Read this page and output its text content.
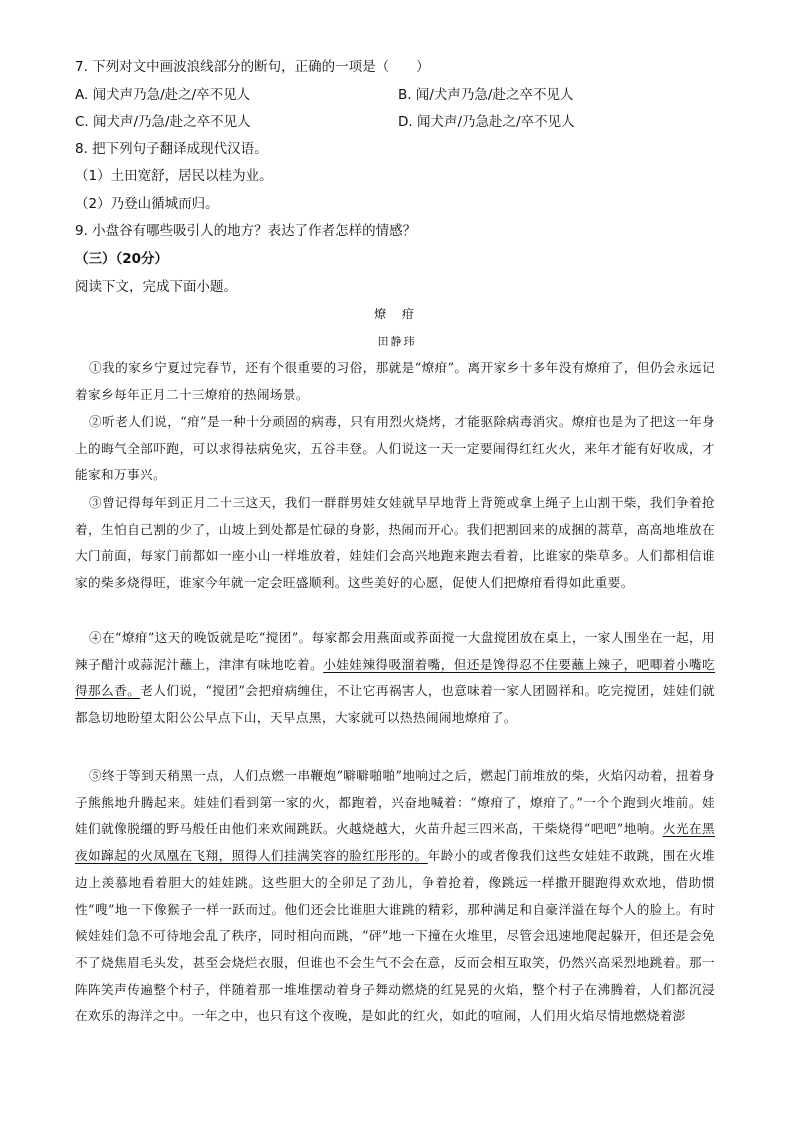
7. 下列对文中画波浪线部分的断句，正确的一项是（　　）
A. 闻犬声乃急/赴之/卒不见人	B. 闻/犬声乃急/赴之卒不见人
C. 闻犬声/乃急/赴之卒不见人	D. 闻犬声/乃急赴之/卒不见人
8. 把下列句子翻译成现代汉语。
（1）土田宽舒，居民以桂为业。
（2）乃登山循城而归。
9. 小盘谷有哪些吸引人的地方？表达了作者怎样的情感？
（三）（20分）
阅读下文，完成下面小题。
燎 疳
田静玮

①我的家乡宁夏过完春节，还有个很重要的习俗，那就是“燎疳”。离开家乡十多年没有燎疳了，但仍会永远记着家乡每年正月二十三燎疳的热闹场景。

②听老人们说，“疳”是一种十分顽固的病毒，只有用烈火烧烤，才能驱除病毒消灾。燎疳也是为了把这一年身上的晦气全部吓跑，可以求得祛病免灾，五谷丰登。人们说这一天一定要闹得红红火火，来年才能有好收成，才能家和万事兴。

③曾记得每年到正月二十三这天，我们一群群男娃女娃就早早地背上背篼或拿上绳子上山割干柴，我们争着抢着，生怕自己割的少了，山坡上到处都是忙碌的身影，热闹而开心。我们把割回来的成捆的蒿草，高高地堆放在大门前面，每家门前都如一座小山一样堆放着，娃娃们会高兴地跑来跑去看着，比谁家的柴草多。人们都相信谁家的柴多烧得旺，谁家今年就一定会旺盛顺利。这些美好的心愿，促使人们把燎疳看得如此重要。

④在“燎疳”这天的晚饭就是吃“搅团”。每家都会用燕面或荞面搅一大盘搅团放在桌上，一家人围坐在一起，用辣子醋汁或蒜泥汁蘸上，津津有味地吃着。小娃娃辣得吸溜着嘴，但还是馋得忍不住要蘸上辣子，吧唧着小嘴吃得那么香。老人们说，“搅团”会把疳病缠住，不让它再祸害人，也意味着一家人团圆祥和。吃完搅团，娃娃们就都急切地盼望太阳公公早点下山，天早点黑，大家就可以热热闹闹地燎疳了。

⑤终于等到天稍黑一点，人们点燃一串鞭炮“噼噼啪啪”地响过之后，燃起门前堆放的柴，火焰闪动着，扭着身子熊熊地升腾起来。娃娃们看到第一家的火，都跑着，兴奋地喊着：“燎疳了，燎疳了。”一个个跑到火堆前。娃娃们就像脱缰的野马般任由他们来欢闹跳跃。火越烧越大，火苗升起三四米高，干柴烧得“吧吧”地响。火光在黑夜如蹿起的火凤凰在飞翔，照得人们挂满笑容的脸红彤彤的。年龄小的或者像我们这些女娃娃不敢跳，围在火堆边上羡慕地看着胆大的娃娃跳。这些胆大的全卯足了劲儿，争着抢着，像跳远一样撒开腿跑得欢欢地，借助惯性“嗖”地一下像猴子一样一跃而过。他们还会比谁胆大谁跳的精彩，那种满足和自豪洋溢在每个人的脸上。有时候娃娃们急不可待地会乱了秩序，同时相向而跳，“砰”地一下撞在火堆里，尽管会迅速地爬起躲开，但还是会免不了烧焦眉毛头发，甚至会烧烂衣服，但谁也不会生气不会在意，反而会相互取笑，仍然兴高采烈地跳着。那一阵阵笑声传遍整个村子，伴随着那一堆堆摆动着身子舞动燃烧的红晃晃的火焰，整个村子在沸腾着，人们都沉浸在欢乐的海洋之中。一年之中，也只有这个夜晚，是如此的红火，如此的喧闹，人们用火焰尽情地燃烧着澎
